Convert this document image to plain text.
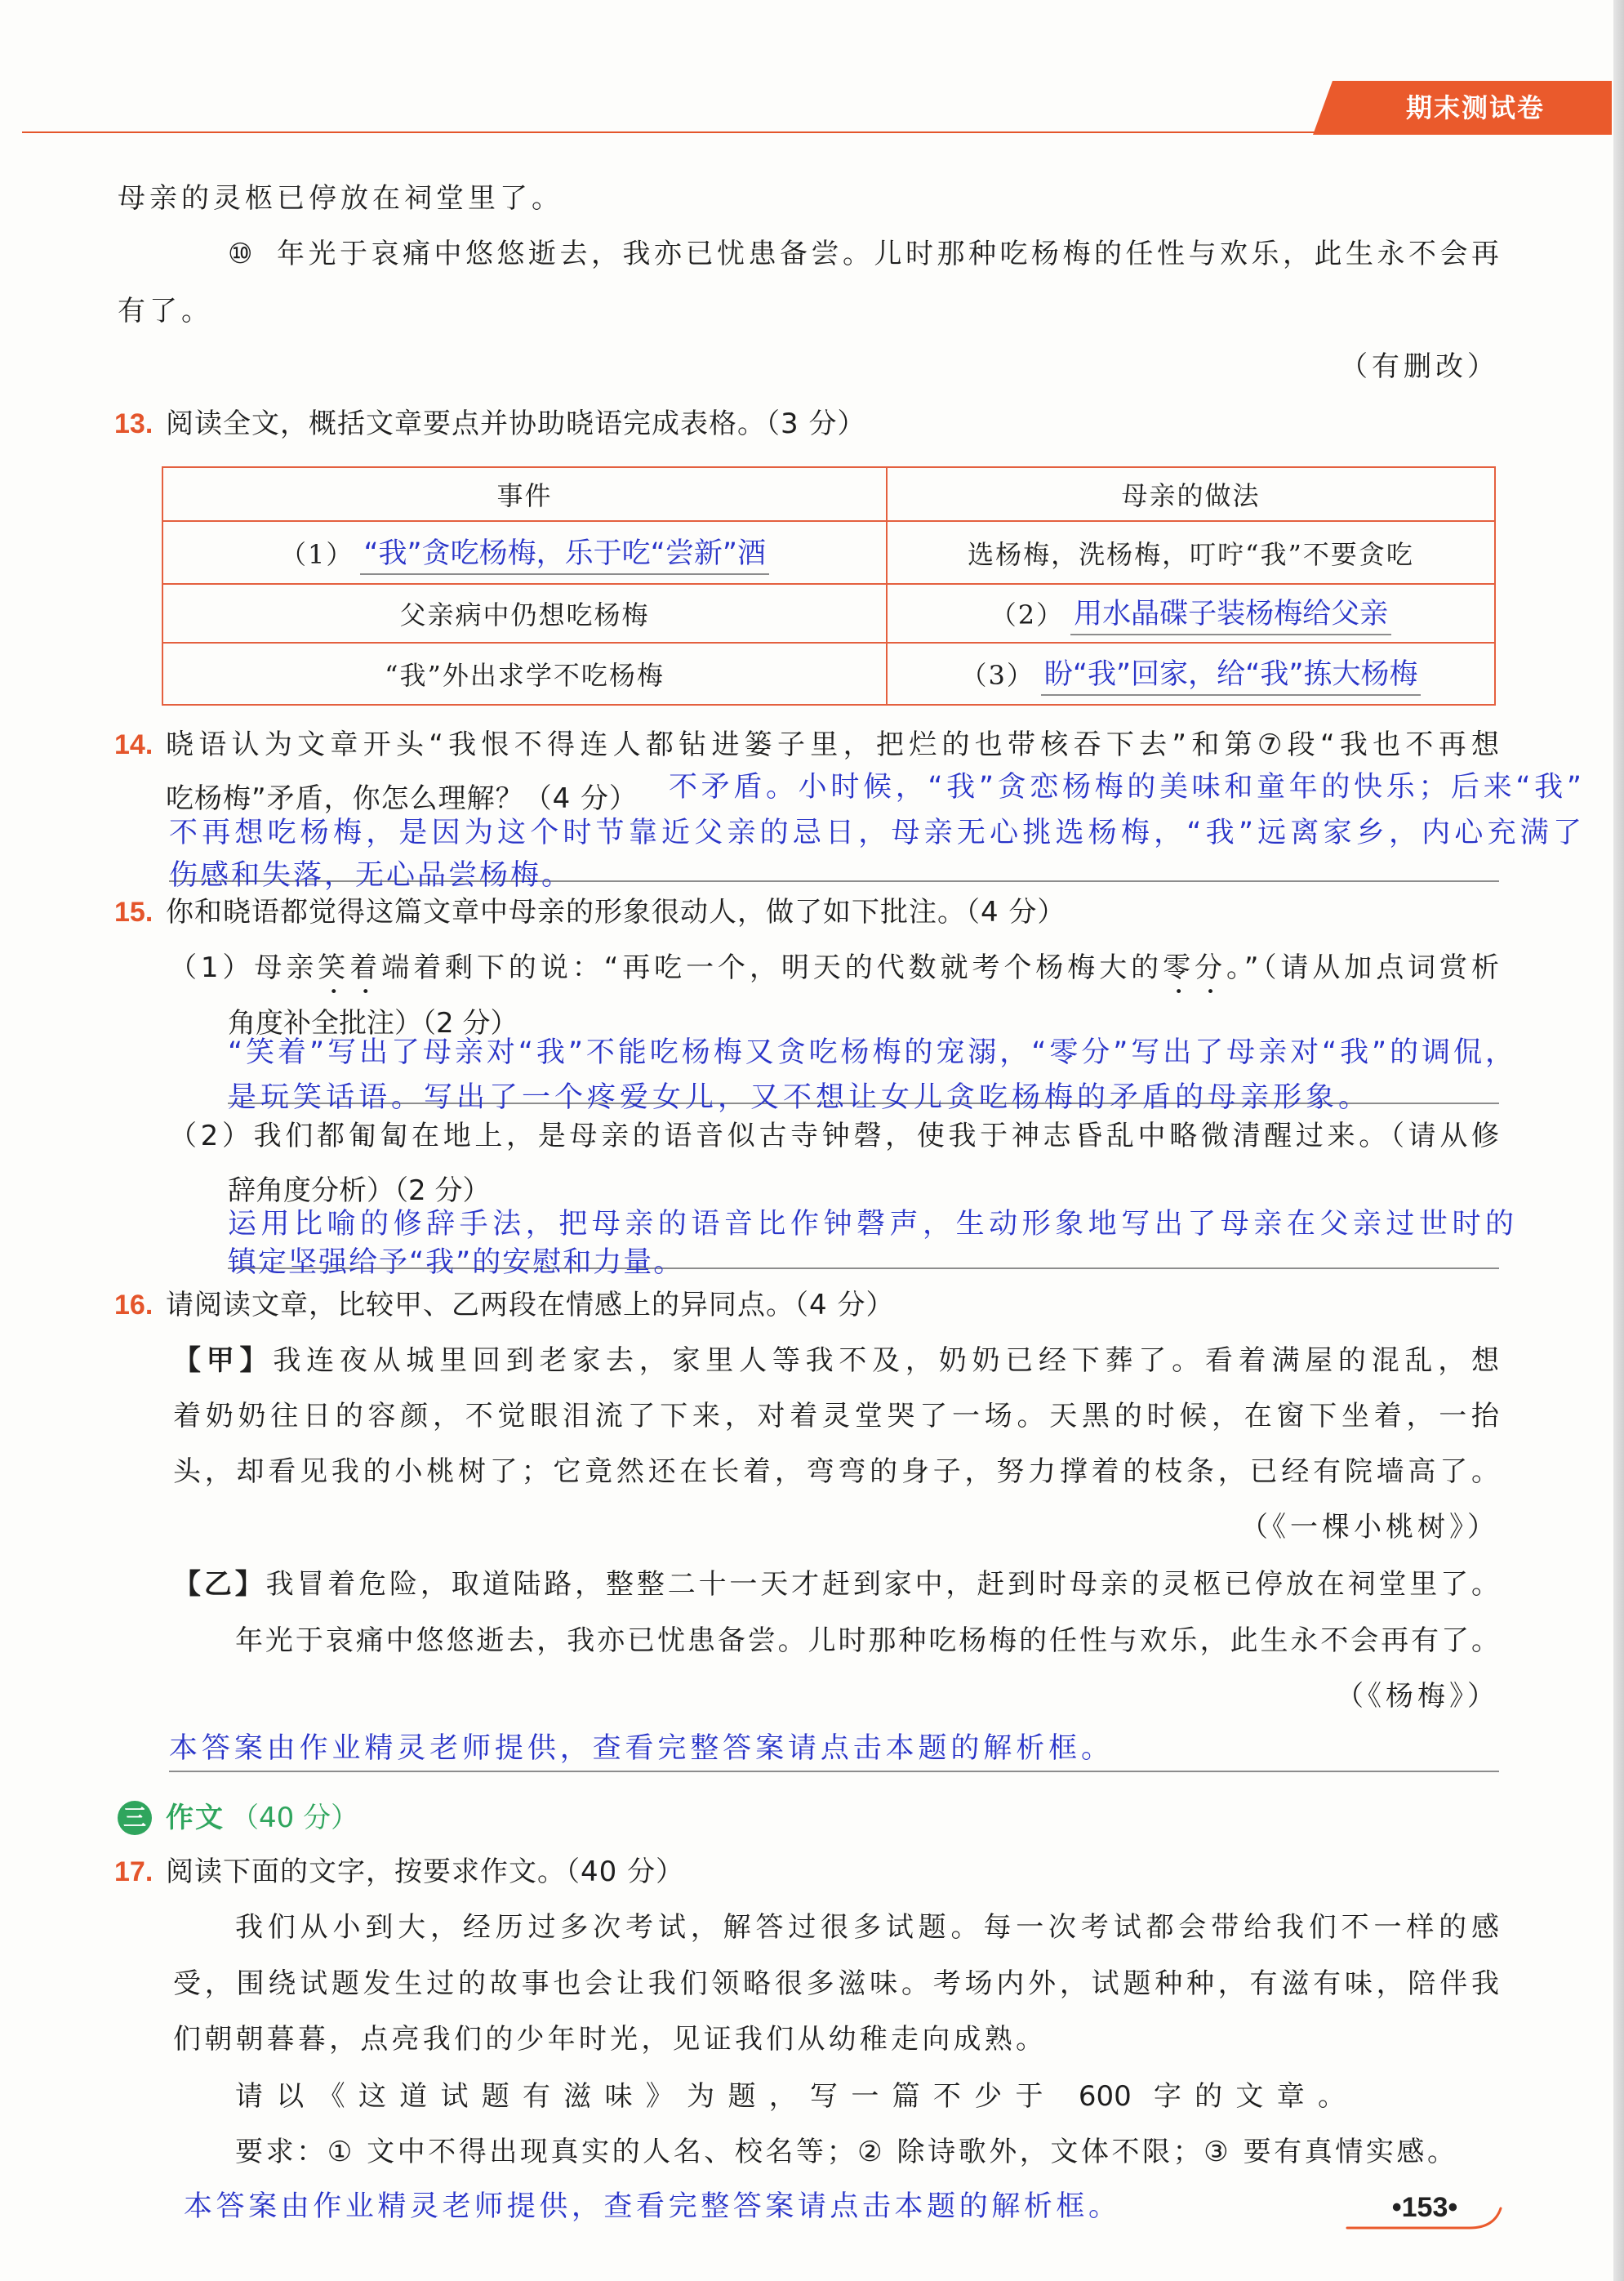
期末测试卷
母亲的灵柩已停放在祠堂里了。
⑩ 年光于哀痛中悠悠逝去，我亦已忧患备尝。儿时那种吃杨梅的任性与欢乐，此生永不会再
有了。
（有删改）
13. 阅读全文，概括文章要点并协助晓语完成表格。（3 分）
事件	母亲的做法

（1） “我”贪吃杨梅，乐于吃“尝新”酒	选杨梅，洗杨梅，叮咛“我”不要贪吃
父亲病中仍想吃杨梅	（2） 用水晶碟子装杨梅给父亲

“我”外出求学不吃杨梅	（3） 盼“我”回家，给“我”拣大杨梅
14. 晓语认为文章开头“我恨不得连人都钻进篓子里，把烂的也带核吞下去”和第⑦段“我也不再想
吃杨梅”矛盾，你怎么理解？（4 分） 不矛盾。小时候，“我”贪恋杨梅的美味和童年的快乐；后来“我”
不再想吃杨梅，是因为这个时节靠近父亲的忌日，母亲无心挑选杨梅，“我”远离家乡，内心充满了
伤感和失落，无心品尝杨梅。
15. 你和晓语都觉得这篇文章中母亲的形象很动人，做了如下批注。（4 分）
（1）母亲笑着端着剩下的说：“再吃一个，明天的代数就考个杨梅大的零分。”（请从加点词赏析
角度补全批注）（2 分）
“笑着”写出了母亲对“我”不能吃杨梅又贪吃杨梅的宠溺，“零分”写出了母亲对“我”的调侃，
是玩笑话语。写出了一个疼爱女儿，又不想让女儿贪吃杨梅的矛盾的母亲形象。
（2）我们都匍匐在地上，是母亲的语音似古寺钟磬，使我于神志昏乱中略微清醒过来。（请从修
辞角度分析）（2 分）
运用比喻的修辞手法，把母亲的语音比作钟磬声，生动形象地写出了母亲在父亲过世时的
镇定坚强给予“我”的安慰和力量。
16. 请阅读文章，比较甲、乙两段在情感上的异同点。（4 分）
【甲】我连夜从城里回到老家去，家里人等我不及，奶奶已经下葬了。看着满屋的混乱，想
着奶奶往日的容颜，不觉眼泪流了下来，对着灵堂哭了一场。天黑的时候，在窗下坐着，一抬
头，却看见我的小桃树了；它竟然还在长着，弯弯的身子，努力撑着的枝条，已经有院墙高了。
（《一棵小桃树》）
【乙】我冒着危险，取道陆路，整整二十一天才赶到家中，赶到时母亲的灵柩已停放在祠堂里了。
年光于哀痛中悠悠逝去，我亦已忧患备尝。儿时那种吃杨梅的任性与欢乐，此生永不会再有了。
（《杨梅》）
本答案由作业精灵老师提供，查看完整答案请点击本题的解析框。
三 作文 （40 分）
17. 阅读下面的文字，按要求作文。（40 分）
我们从小到大，经历过多次考试，解答过很多试题。每一次考试都会带给我们不一样的感
受，围绕试题发生过的故事也会让我们领略很多滋味。考场内外，试题种种，有滋有味，陪伴我
们朝朝暮暮，点亮我们的少年时光，见证我们从幼稚走向成熟。
请以《这道试题有滋味》为题，写一篇不少于 600 字的文章。
要求：① 文中不得出现真实的人名、校名等；② 除诗歌外，文体不限；③ 要有真情实感。
本答案由作业精灵老师提供，查看完整答案请点击本题的解析框。	•153•
